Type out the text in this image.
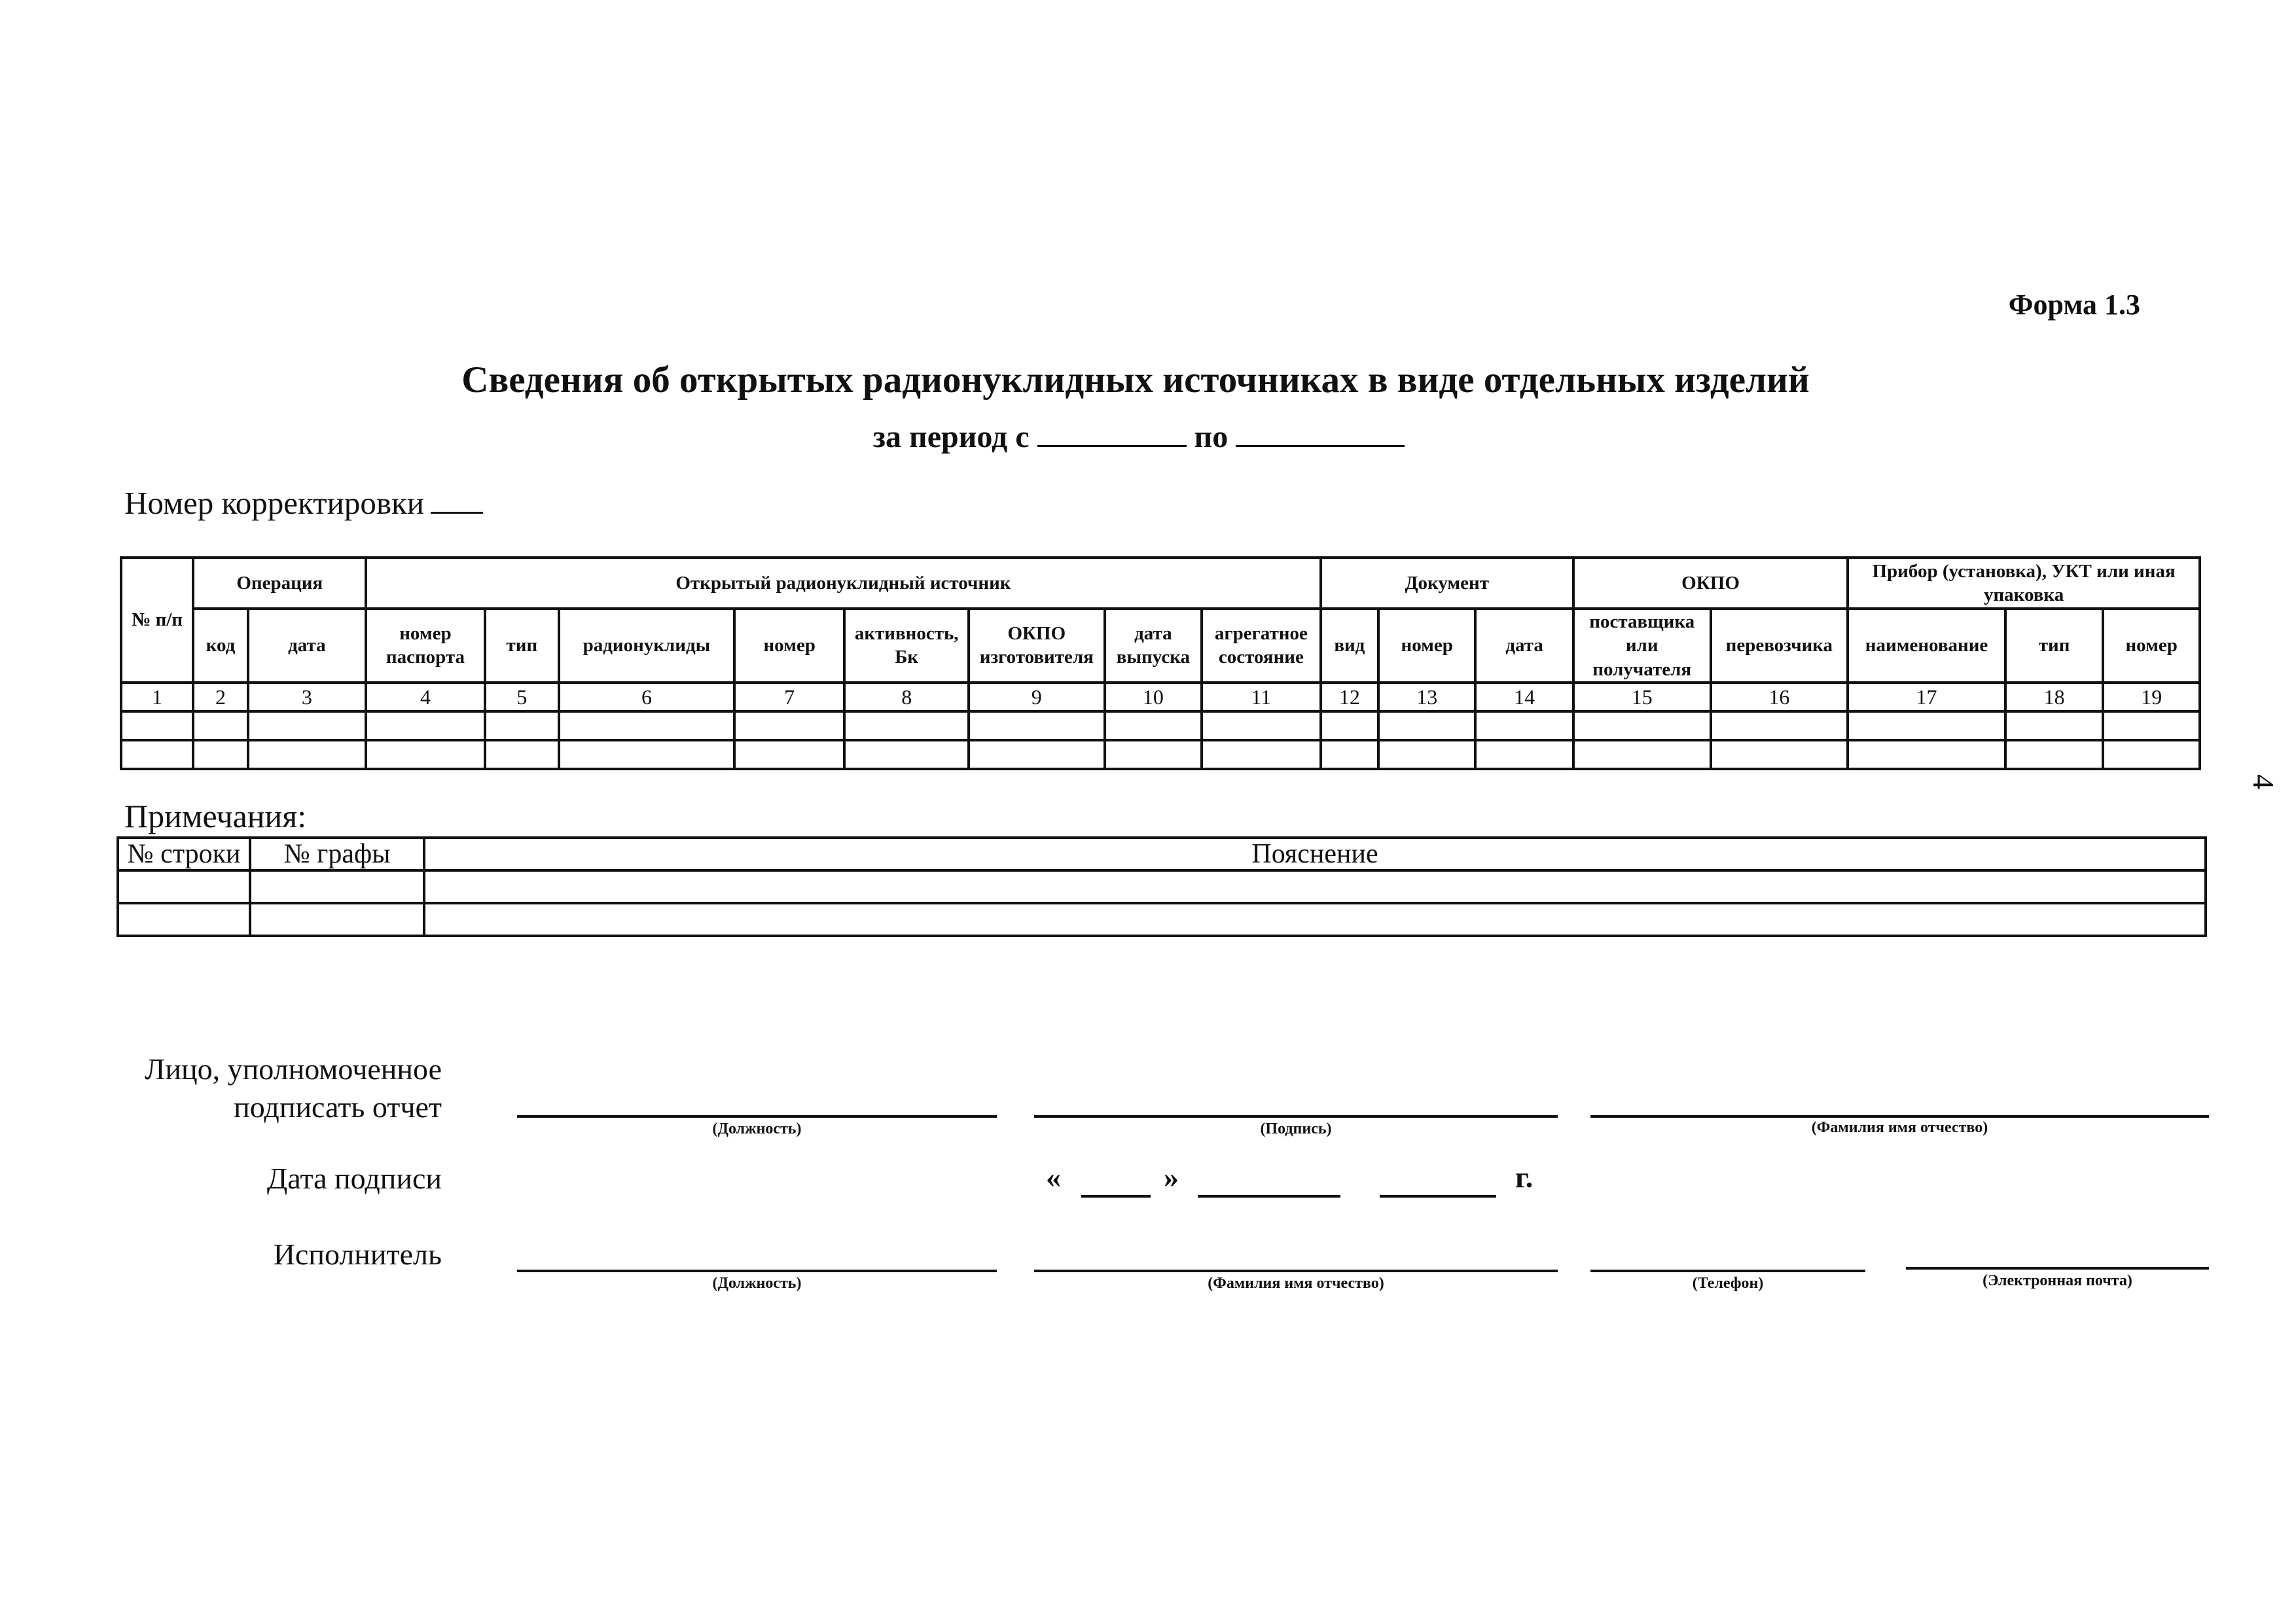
Форма 1.3
Сведения об открытых радионуклидных источниках в виде отдельных изделий
за период с	по
Номер корректировки
№ п/п	Операция		Открытый радионуклидный источник								Документ			ОКПО		Прибор (установка), УКТ или иная упаковка		
	код	дата	номер паспорта	тип	радионуклиды	номер	активность, Бк	ОКПО изготовителя	дата выпуска	агрегатное состояние	вид	номер	дата	поставщика или получателя	перевозчика	наименование	тип	номер
1	2	3	4	5	6	7	8	9	10	11	12	13	14	15	16	17	18	19

Примечания:
№ строки	№ графы	Пояснение

Лицо, уполномоченное подписать отчет
(Должность)	(Подпись)	(Фамилия имя отчество)
Дата подписи	«	»	г.
Исполнитель
(Должность)	(Фамилия имя отчество)	(Телефон)	(Электронная почта)
4
